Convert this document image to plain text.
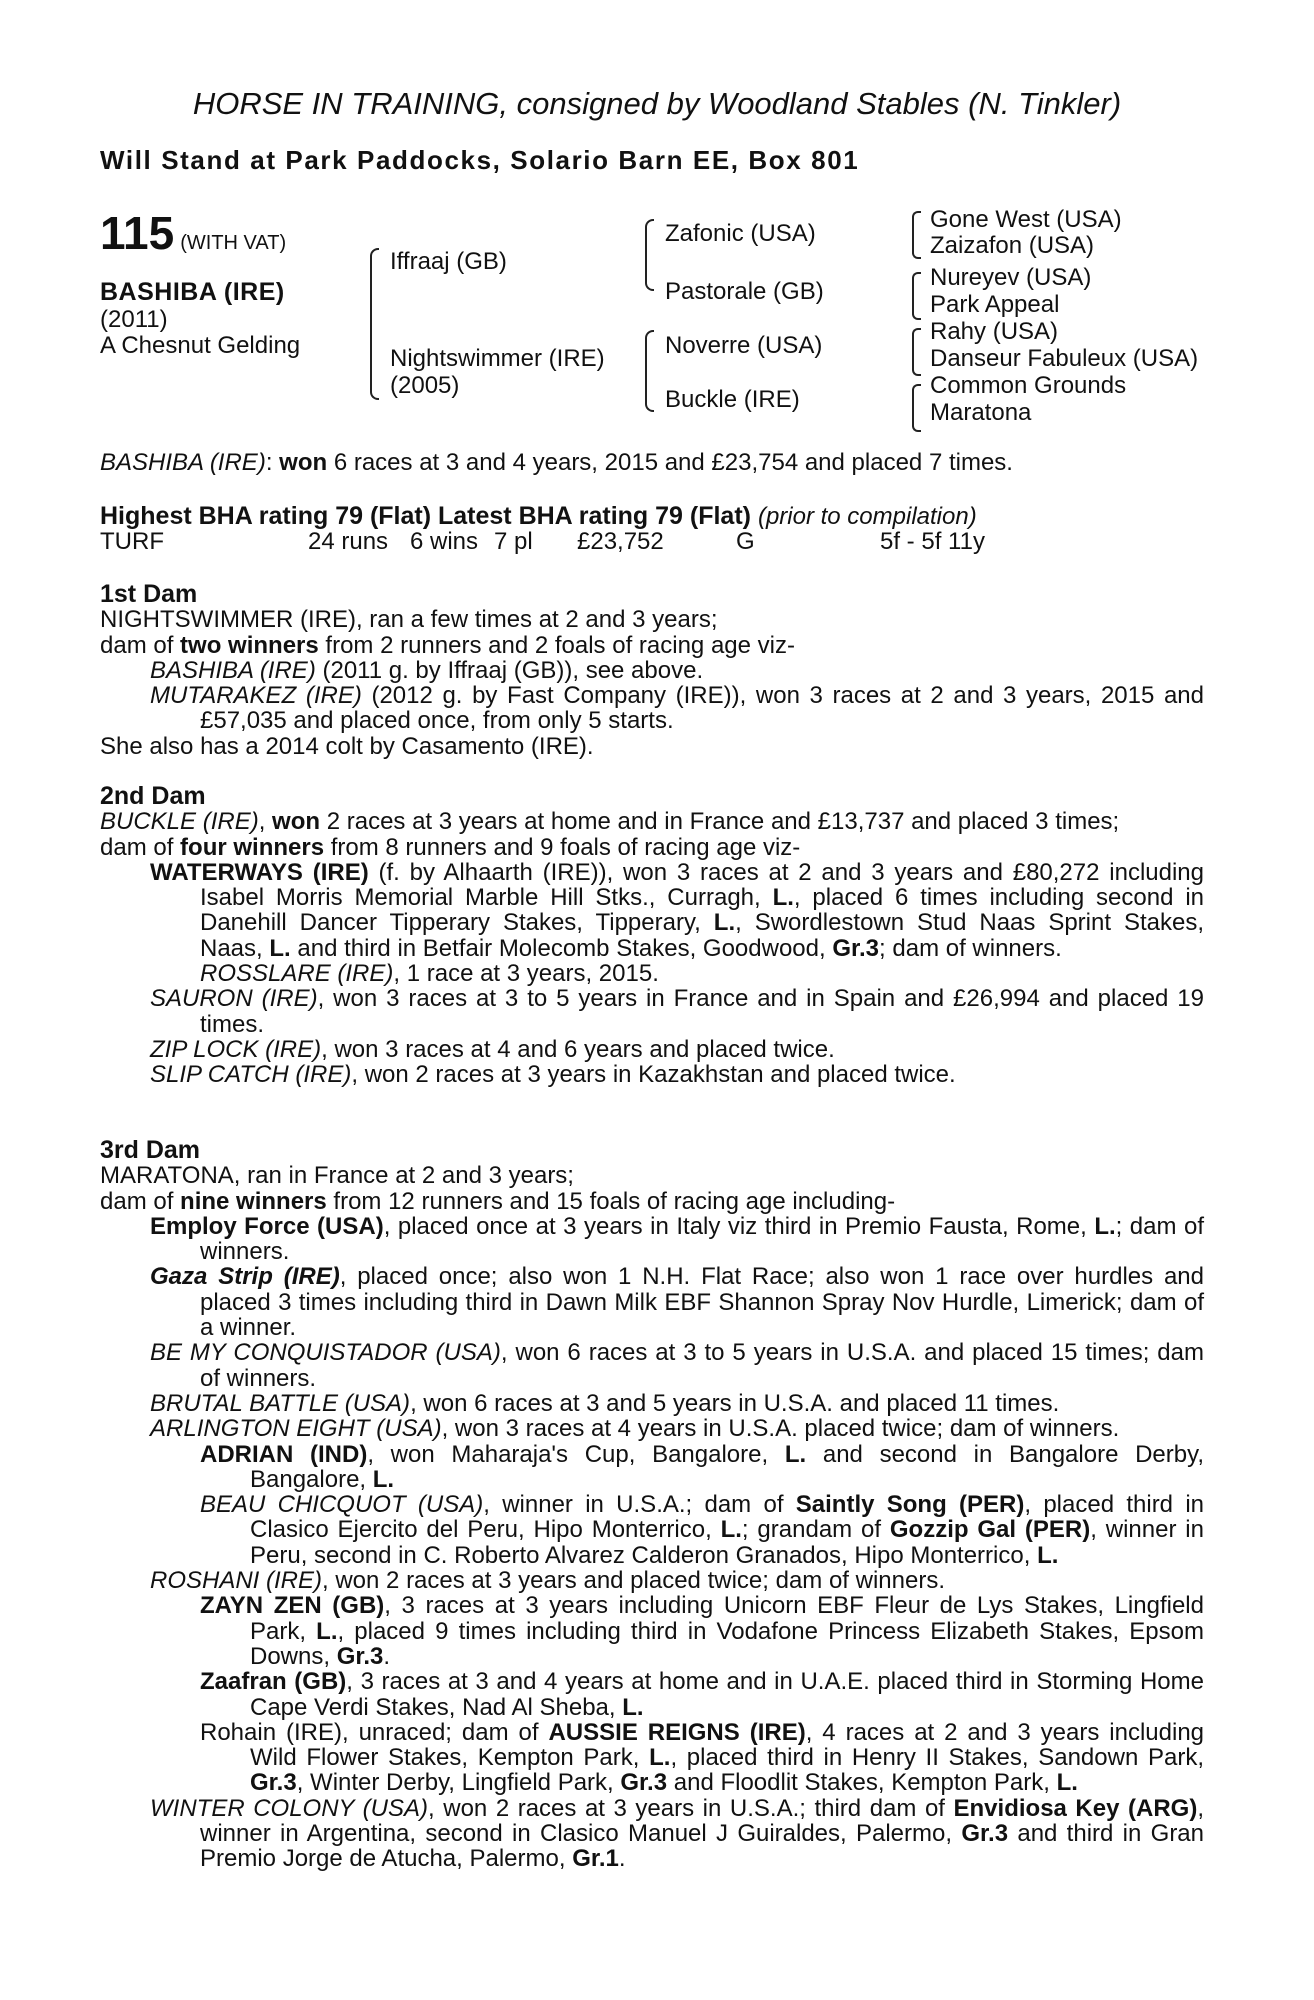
HORSE IN TRAINING, consigned by Woodland Stables (N. Tinkler)
Will Stand at Park Paddocks, Solario Barn EE, Box 801
115 (WITH VAT)
BASHIBA (IRE)
(2011)
A Chesnut Gelding
Iffraaj (GB)
Nightswimmer (IRE)
(2005)
Zafonic (USA)
Pastorale (GB)
Noverre (USA)
Buckle (IRE)
Gone West (USA)
Zaizafon (USA)
Nureyev (USA)
Park Appeal
Rahy (USA)
Danseur Fabuleux (USA)
Common Grounds
Maratona
BASHIBA (IRE): won 6 races at 3 and 4 years, 2015 and £23,754 and placed 7 times.
Highest BHA rating 79 (Flat) Latest BHA rating 79 (Flat) (prior to compilation)
TURF	24 runs 6 wins 7 pl £23,752	G	5f - 5f 11y

1st Dam

NIGHTSWIMMER (IRE), ran a few times at 2 and 3 years;

dam of two winners from 2 runners and 2 foals of racing age viz-

BASHIBA (IRE) (2011 g. by Iffraaj (GB)), see above.

MUTARAKEZ (IRE) (2012 g. by Fast Company (IRE)), won 3 races at 2 and 3 years, 2015 and £57,035 and placed once, from only 5 starts.

She also has a 2014 colt by Casamento (IRE).

2nd Dam

BUCKLE (IRE), won 2 races at 3 years at home and in France and £13,737 and placed 3 times;

dam of four winners from 8 runners and 9 foals of racing age viz-

WATERWAYS (IRE) (f. by Alhaarth (IRE)), won 3 races at 2 and 3 years and £80,272 including Isabel Morris Memorial Marble Hill Stks., Curragh, L., placed 6 times including second in Danehill Dancer Tipperary Stakes, Tipperary, L., Swordlestown Stud Naas Sprint Stakes, Naas, L. and third in Betfair Molecomb Stakes, Goodwood, Gr.3; dam of winners.

ROSSLARE (IRE), 1 race at 3 years, 2015.

SAURON (IRE), won 3 races at 3 to 5 years in France and in Spain and £26,994 and placed 19 times.

ZIP LOCK (IRE), won 3 races at 4 and 6 years and placed twice.

SLIP CATCH (IRE), won 2 races at 3 years in Kazakhstan and placed twice.

3rd Dam

MARATONA, ran in France at 2 and 3 years;

dam of nine winners from 12 runners and 15 foals of racing age including-

Employ Force (USA), placed once at 3 years in Italy viz third in Premio Fausta, Rome, L.; dam of winners.

Gaza Strip (IRE), placed once; also won 1 N.H. Flat Race; also won 1 race over hurdles and placed 3 times including third in Dawn Milk EBF Shannon Spray Nov Hurdle, Limerick; dam of a winner.

BE MY CONQUISTADOR (USA), won 6 races at 3 to 5 years in U.S.A. and placed 15 times; dam of winners.

BRUTAL BATTLE (USA), won 6 races at 3 and 5 years in U.S.A. and placed 11 times.

ARLINGTON EIGHT (USA), won 3 races at 4 years in U.S.A. placed twice; dam of winners.

ADRIAN (IND), won Maharaja's Cup, Bangalore, L. and second in Bangalore Derby, Bangalore, L.

BEAU CHICQUOT (USA), winner in U.S.A.; dam of Saintly Song (PER), placed third in Clasico Ejercito del Peru, Hipo Monterrico, L.; grandam of Gozzip Gal (PER), winner in Peru, second in C. Roberto Alvarez Calderon Granados, Hipo Monterrico, L.

ROSHANI (IRE), won 2 races at 3 years and placed twice; dam of winners.

ZAYN ZEN (GB), 3 races at 3 years including Unicorn EBF Fleur de Lys Stakes, Lingfield Park, L., placed 9 times including third in Vodafone Princess Elizabeth Stakes, Epsom Downs, Gr.3.

Zaafran (GB), 3 races at 3 and 4 years at home and in U.A.E. placed third in Storming Home Cape Verdi Stakes, Nad Al Sheba, L.

Rohain (IRE), unraced; dam of AUSSIE REIGNS (IRE), 4 races at 2 and 3 years including Wild Flower Stakes, Kempton Park, L., placed third in Henry II Stakes, Sandown Park, Gr.3, Winter Derby, Lingfield Park, Gr.3 and Floodlit Stakes, Kempton Park, L.

WINTER COLONY (USA), won 2 races at 3 years in U.S.A.; third dam of Envidiosa Key (ARG), winner in Argentina, second in Clasico Manuel J Guiraldes, Palermo, Gr.3 and third in Gran Premio Jorge de Atucha, Palermo, Gr.1.
